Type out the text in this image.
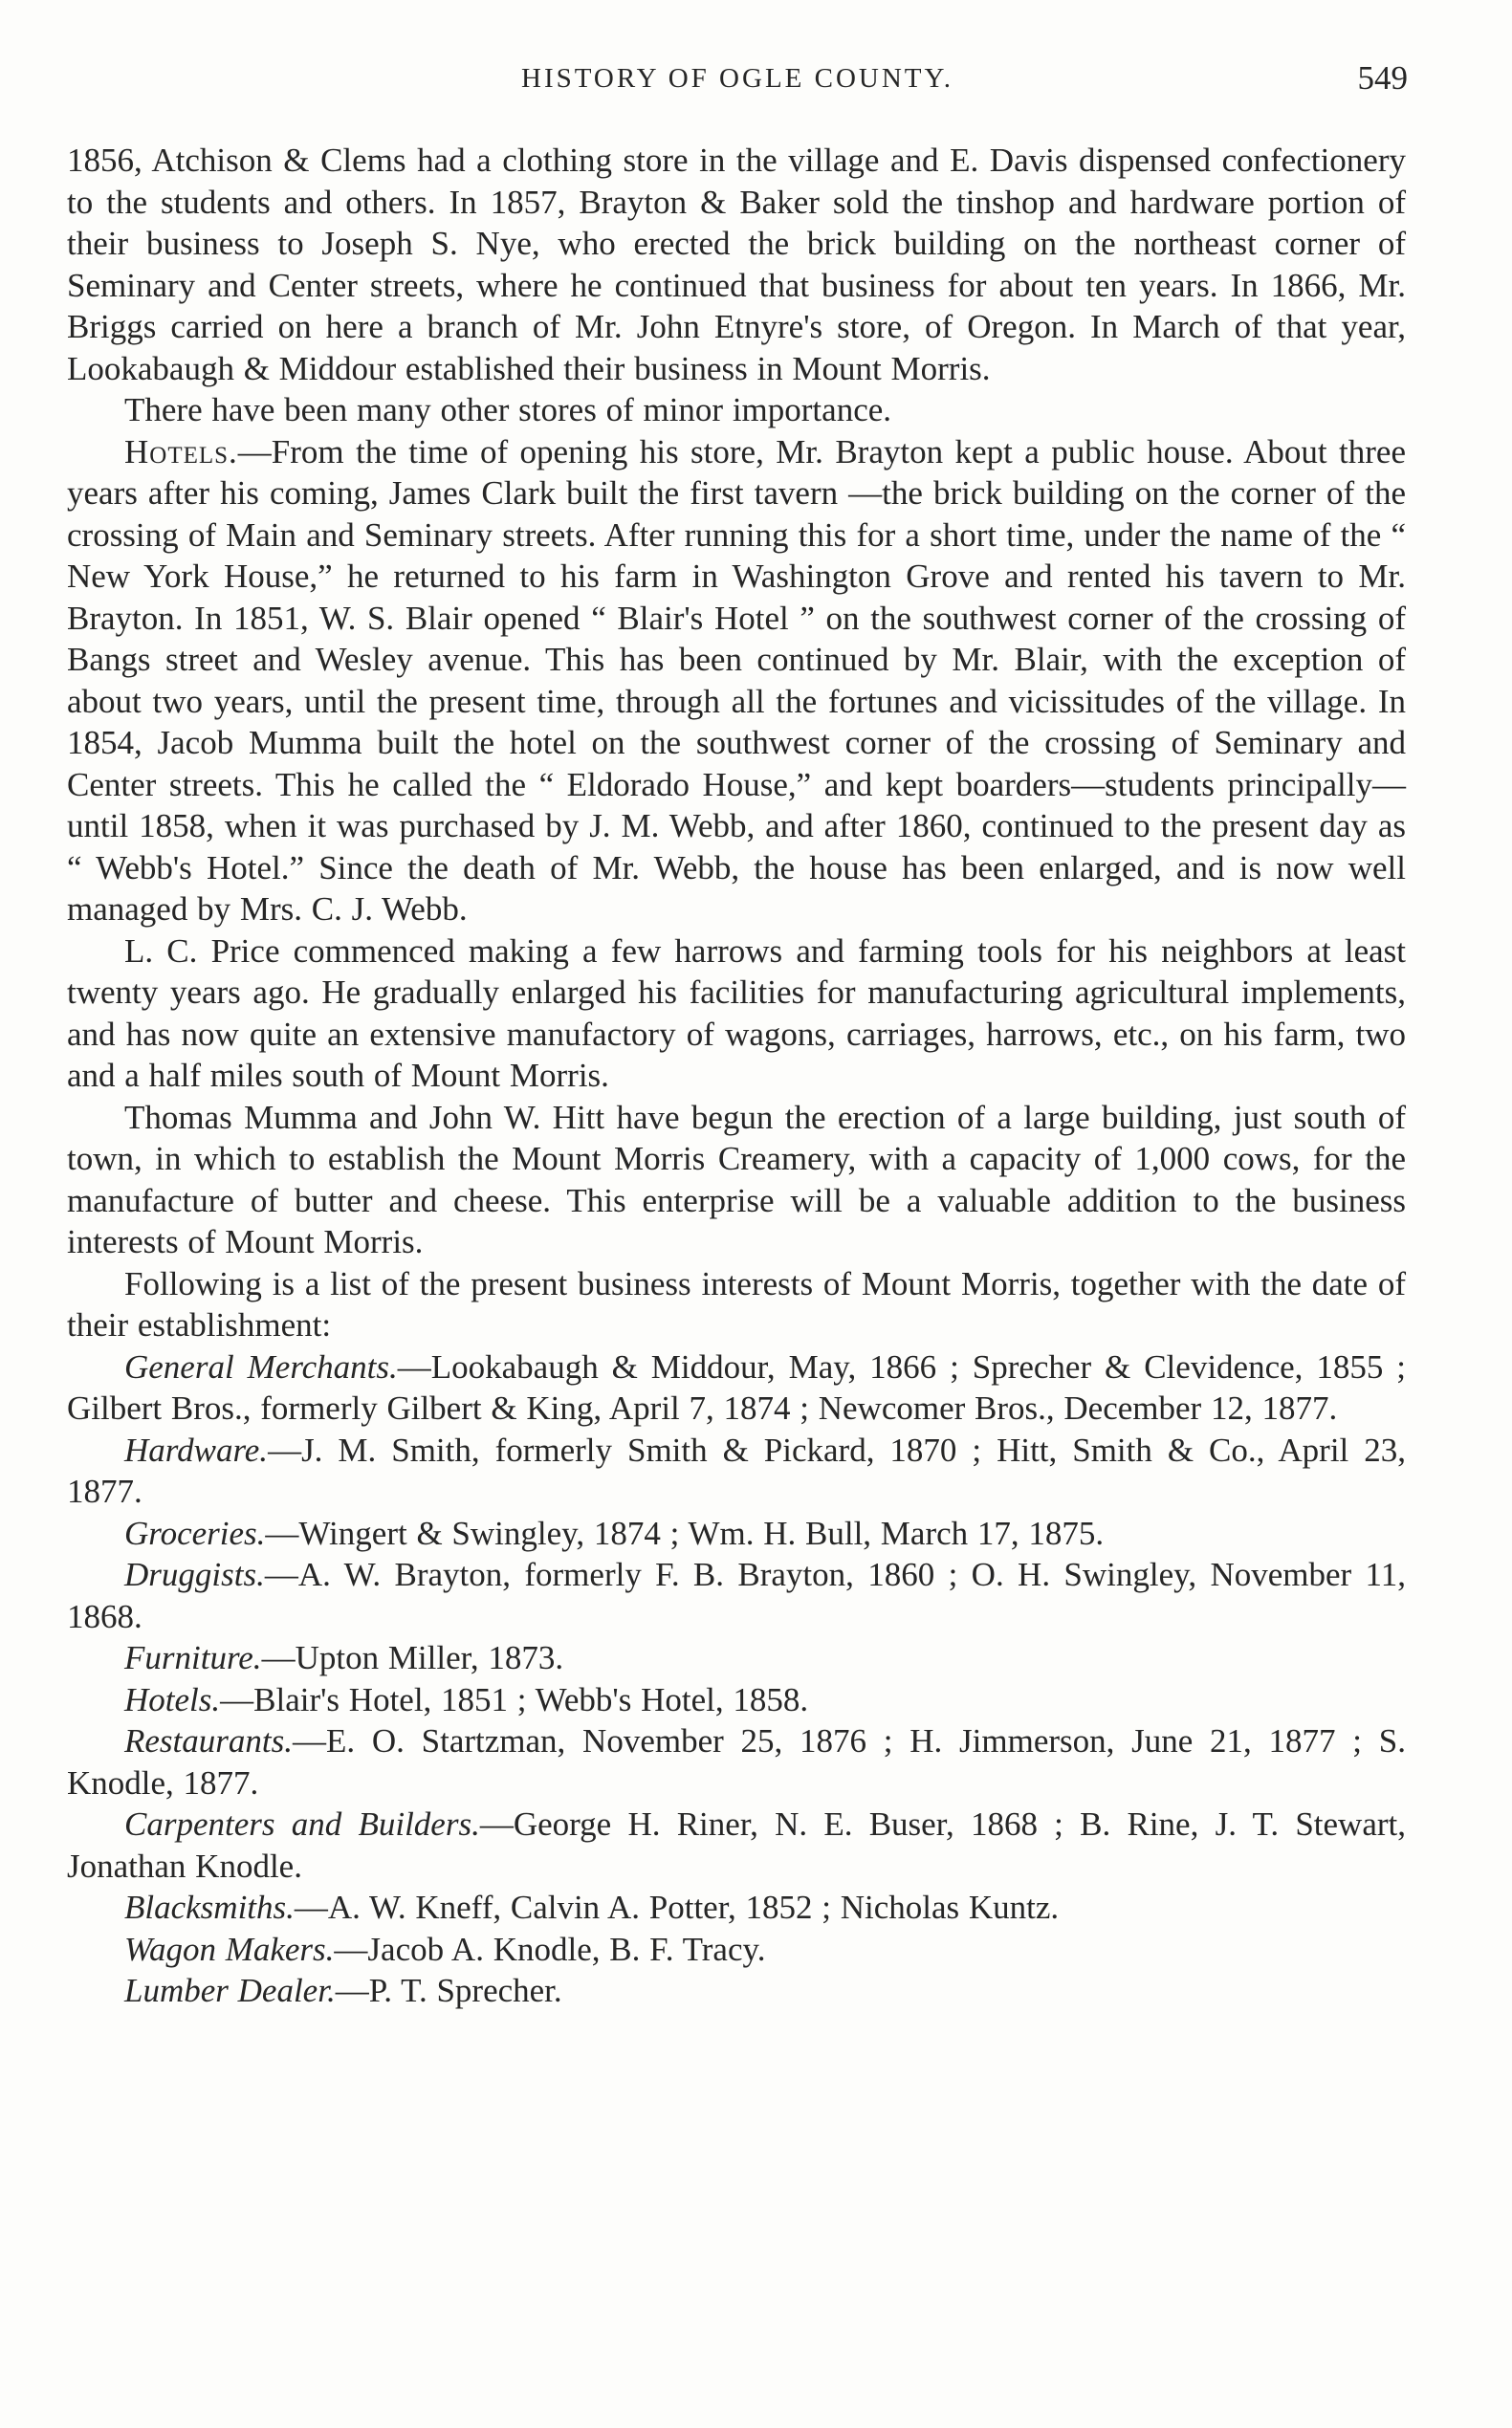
HISTORY OF OGLE COUNTY.	549

1856, Atchison & Clems had a clothing store in the village and E. Davis dispensed confectionery to the students and others. In 1857, Brayton & Baker sold the tinshop and hardware portion of their business to Joseph S. Nye, who erected the brick building on the northeast corner of Seminary and Center streets, where he continued that business for about ten years. In 1866, Mr. Briggs carried on here a branch of Mr. John Etnyre's store, of Oregon. In March of that year, Lookabaugh & Middour established their business in Mount Morris.

There have been many other stores of minor importance.

Hotels.—From the time of opening his store, Mr. Brayton kept a public house. About three years after his coming, James Clark built the first tavern —the brick building on the corner of the crossing of Main and Seminary streets. After running this for a short time, under the name of the “ New York House,” he returned to his farm in Washington Grove and rented his tavern to Mr. Brayton. In 1851, W. S. Blair opened “ Blair's Hotel ” on the southwest corner of the crossing of Bangs street and Wesley avenue. This has been continued by Mr. Blair, with the exception of about two years, until the present time, through all the fortunes and vicissitudes of the village. In 1854, Jacob Mumma built the hotel on the southwest corner of the crossing of Seminary and Center streets. This he called the “ Eldorado House,” and kept boarders—students principally—until 1858, when it was purchased by J. M. Webb, and after 1860, continued to the present day as “ Webb's Hotel.” Since the death of Mr. Webb, the house has been enlarged, and is now well managed by Mrs. C. J. Webb.

L. C. Price commenced making a few harrows and farming tools for his neighbors at least twenty years ago. He gradually enlarged his facilities for manufacturing agricultural implements, and has now quite an extensive manufactory of wagons, carriages, harrows, etc., on his farm, two and a half miles south of Mount Morris.

Thomas Mumma and John W. Hitt have begun the erection of a large building, just south of town, in which to establish the Mount Morris Creamery, with a capacity of 1,000 cows, for the manufacture of butter and cheese. This enterprise will be a valuable addition to the business interests of Mount Morris.

Following is a list of the present business interests of Mount Morris, together with the date of their establishment:

General Merchants.—Lookabaugh & Middour, May, 1866 ; Sprecher & Clevidence, 1855 ; Gilbert Bros., formerly Gilbert & King, April 7, 1874 ; Newcomer Bros., December 12, 1877.

Hardware.—J. M. Smith, formerly Smith & Pickard, 1870 ; Hitt, Smith & Co., April 23, 1877.

Groceries.—Wingert & Swingley, 1874 ; Wm. H. Bull, March 17, 1875.

Druggists.—A. W. Brayton, formerly F. B. Brayton, 1860 ; O. H. Swingley, November 11, 1868.

Furniture.—Upton Miller, 1873.

Hotels.—Blair's Hotel, 1851 ; Webb's Hotel, 1858.

Restaurants.—E. O. Startzman, November 25, 1876 ; H. Jimmerson, June 21, 1877 ; S. Knodle, 1877.

Carpenters and Builders.—George H. Riner, N. E. Buser, 1868 ; B. Rine, J. T. Stewart, Jonathan Knodle.

Blacksmiths.—A. W. Kneff, Calvin A. Potter, 1852 ; Nicholas Kuntz.

Wagon Makers.—Jacob A. Knodle, B. F. Tracy.

Lumber Dealer.—P. T. Sprecher.
